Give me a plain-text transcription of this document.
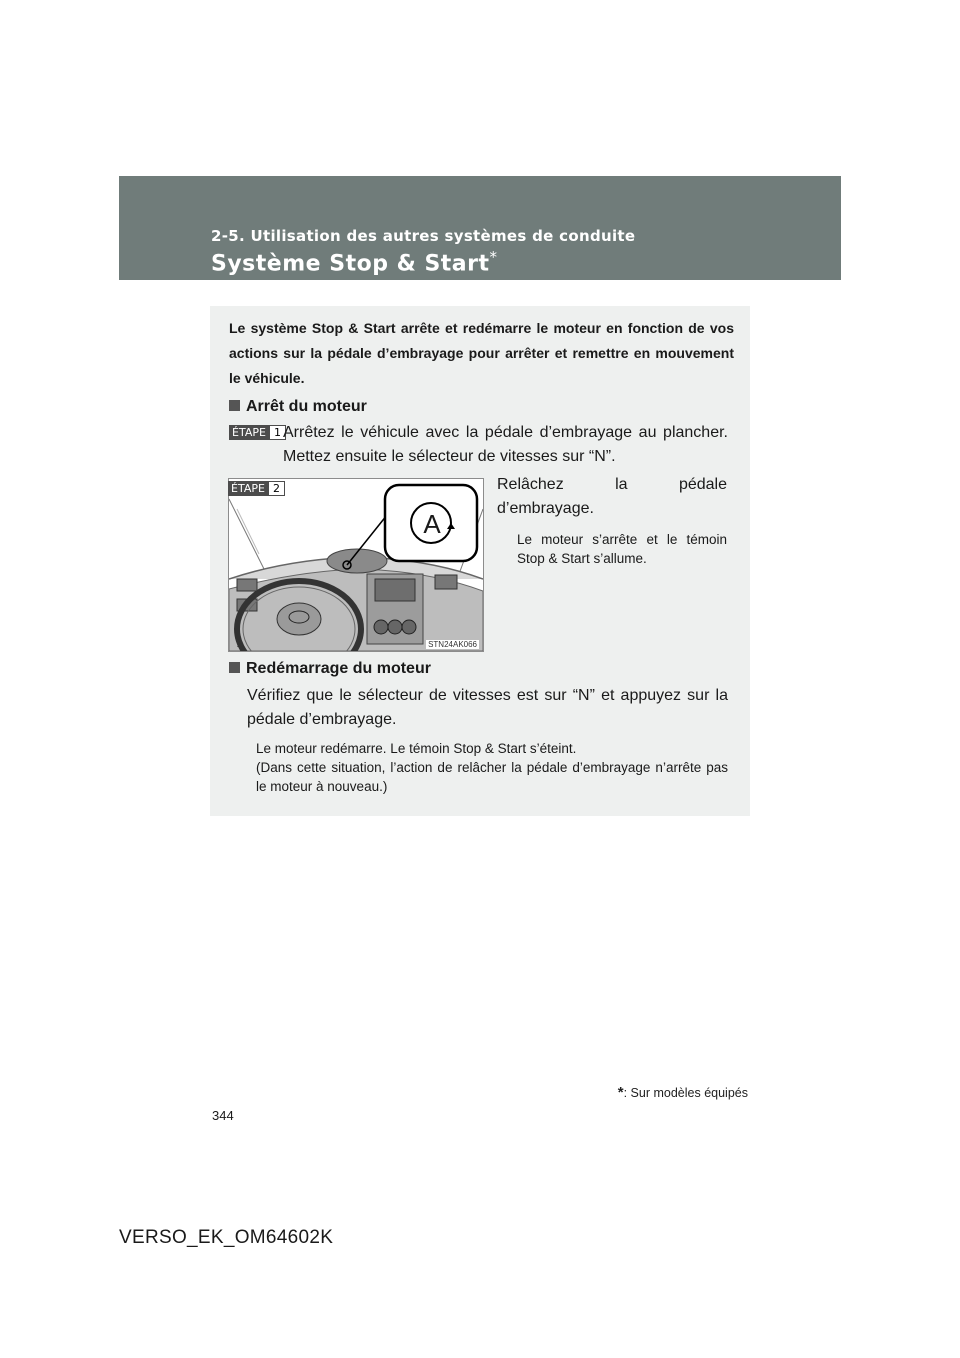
2-5. Utilisation des autres systèmes de conduite
Système Stop & Start*
Le système Stop & Start arrête et redémarre le moteur en fonction de vos actions sur la pédale d’embrayage pour arrêter et remettre en mouvement le véhicule.
Arrêt du moteur
ÉTAPE 1 Arrêtez le véhicule avec la pédale d’embrayage au plancher. Mettez ensuite le sélecteur de vitesses sur “N”.
Relâchez la pédale d’embrayage.
Le moteur s’arrête et le témoin Stop & Start s’allume.
Redémarrage du moteur
Vérifiez que le sélecteur de vitesses est sur “N” et appuyez sur la pédale d’embrayage.
Le moteur redémarre. Le témoin Stop & Start s’éteint.
(Dans cette situation, l’action de relâcher la pédale d’embrayage n’arrête pas le moteur à nouveau.)
A
STN24AK066
A
ÉTAPE 2
*: Sur modèles équipés
344
VERSO_EK_OM64602K
